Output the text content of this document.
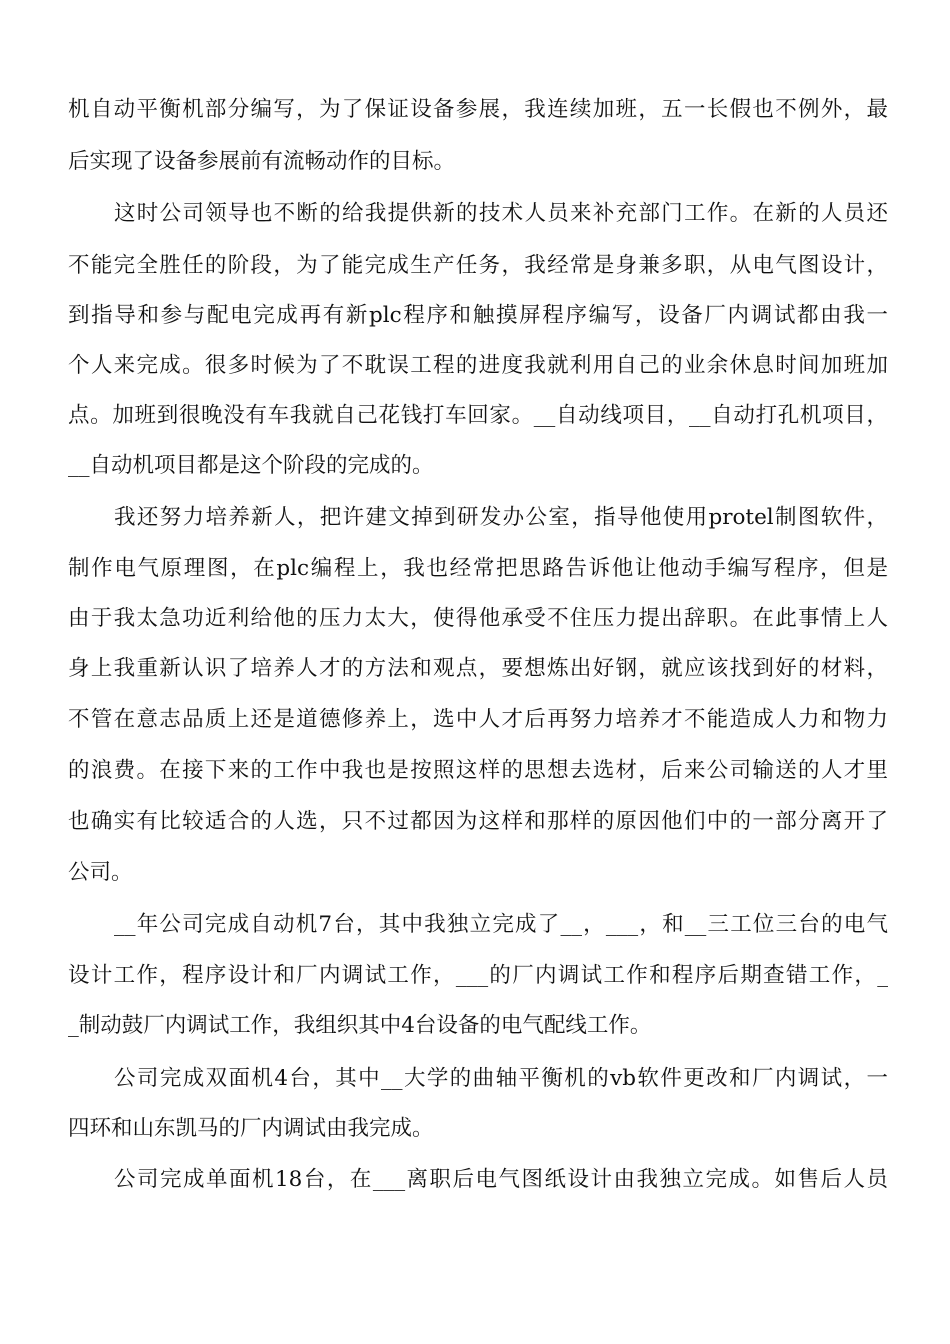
机自动平衡机部分编写，为了保证设备参展，我连续加班，五一长假也不例外，最
后实现了设备参展前有流畅动作的目标。
这时公司领导也不断的给我提供新的技术人员来补充部门工作。在新的人员还
不能完全胜任的阶段，为了能完成生产任务，我经常是身兼多职，从电气图设计，
到指导和参与配电完成再有新plc程序和触摸屏程序编写，设备厂内调试都由我一
个人来完成。很多时候为了不耽误工程的进度我就利用自己的业余休息时间加班加
点。加班到很晚没有车我就自己花钱打车回家。__自动线项目，__自动打孔机项目，
__自动机项目都是这个阶段的完成的。
我还努力培养新人，把许建文掉到研发办公室，指导他使用protel制图软件，
制作电气原理图，在plc编程上，我也经常把思路告诉他让他动手编写程序，但是
由于我太急功近利给他的压力太大，使得他承受不住压力提出辞职。在此事情上人
身上我重新认识了培养人才的方法和观点，要想炼出好钢，就应该找到好的材料，
不管在意志品质上还是道德修养上，选中人才后再努力培养才不能造成人力和物力
的浪费。在接下来的工作中我也是按照这样的思想去选材，后来公司输送的人才里
也确实有比较适合的人选，只不过都因为这样和那样的原因他们中的一部分离开了
公司。
__年公司完成自动机7台，其中我独立完成了__，___，和__三工位三台的电气
设计工作，程序设计和厂内调试工作，___的厂内调试工作和程序后期查错工作，_
_制动鼓厂内调试工作，我组织其中4台设备的电气配线工作。
公司完成双面机4台，其中__大学的曲轴平衡机的vb软件更改和厂内调试，一
四环和山东凯马的厂内调试由我完成。
公司完成单面机18台，在___离职后电气图纸设计由我独立完成。如售后人员
